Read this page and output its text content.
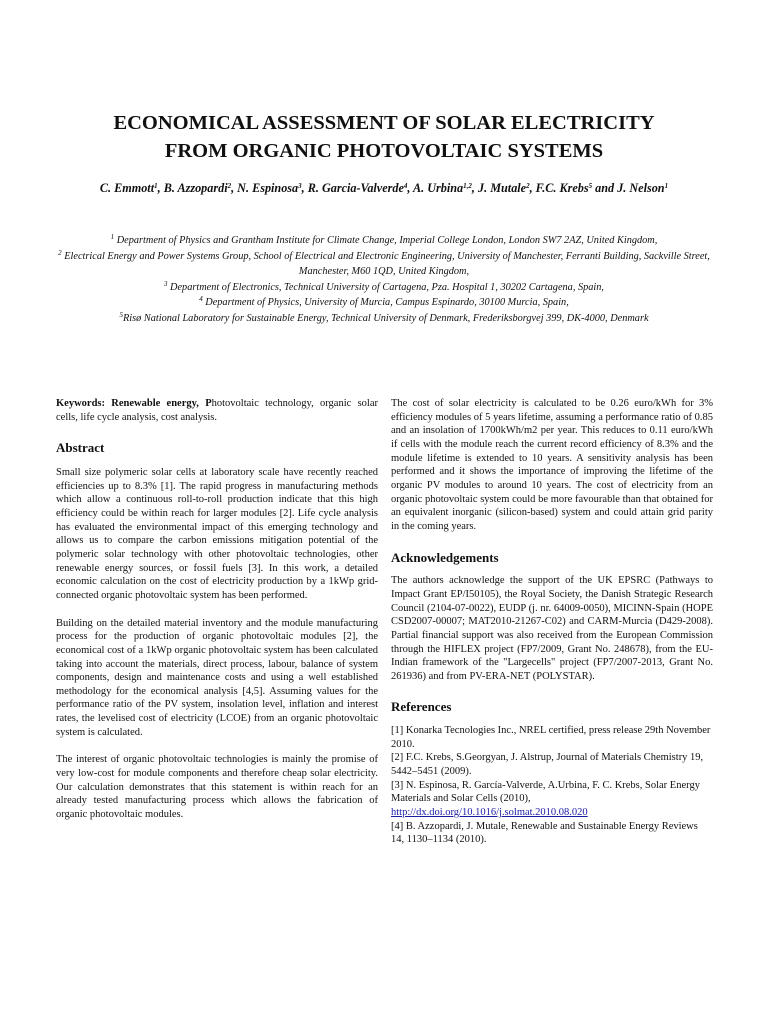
ECONOMICAL ASSESSMENT OF SOLAR ELECTRICITY
FROM ORGANIC PHOTOVOLTAIC SYSTEMS
C. Emmott$^1$, B. Azzopardi$^2$, N. Espinosa$^3$, R. Garcia-Valverde$^4$, A. Urbina$^{1,2}$, J. Mutale$^2$, F.C. Krebs$^5$ and J. Nelson$^1$
$^1$ Department of Physics and Grantham Institute for Climate Change, Imperial College London, London SW7 2AZ, United Kingdom,
$^2$ Electrical Energy and Power Systems Group, School of Electrical and Electronic Engineering, University of Manchester, Ferranti Building, Sackville Street, Manchester, M60 1QD, United Kingdom,
$^3$ Department of Electronics, Technical University of Cartagena, Pza. Hospital 1, 30202 Cartagena, Spain,
$^4$ Department of Physics, University of Murcia, Campus Espinardo, 30100 Murcia, Spain,
$^5$Risø National Laboratory for Sustainable Energy, Technical University of Denmark, Frederiksborgvej 399, DK-4000, Denmark

Keywords: Renewable energy, Photovoltaic technology, organic solar cells, life cycle analysis, cost analysis.

Abstract

Small size polymeric solar cells at laboratory scale have recently reached efficiencies up to 8.3% [1]. The rapid progress in manufacturing methods which allow a continuous roll-to-roll production indicate that this high efficiency could be within reach for larger modules [2]. Life cycle analysis has evaluated the environmental impact of this emerging technology and allows us to compare the carbon emissions mitigation potential of the polymeric solar technology with other photovoltaic technologies, other renewable energy sources, or fossil fuels [3]. In this work, a detailed economic calculation on the cost of electricity production by a 1kWp grid-connected organic photovoltaic system has been performed.

Building on the detailed material inventory and the module manufacturing process for the production of organic photovoltaic modules [2], the economical cost of a 1kWp organic photovoltaic system has been calculated taking into account the materials, direct process, labour, balance of system components, design and maintenance costs and using a well established methodology for the economical analysis [4,5]. Assuming values for the performance ratio of the PV system, insolation level, inflation and interest rates, the levelised cost of electricity (LCOE) from an organic photovoltaic system is calculated.

The interest of organic photovoltaic technologies is mainly the promise of very low-cost for module components and therefore cheap solar electricity. Our calculation demonstrates that this statement is within reach for an already tested manufacturing process which allows the fabrication of organic photovoltaic modules.

The cost of solar electricity is calculated to be 0.26 euro/kWh for 3% efficiency modules of 5 years lifetime, assuming a performance ratio of 0.85 and an insolation of 1700kWh/m2 per year. This reduces to 0.11 euro/kWh if cells with the module reach the current record efficiency of 8.3% and the module lifetime is extended to 10 years. A sensitivity analysis has been performed and it shows the importance of improving the lifetime of the organic PV modules to around 10 years. The cost of electricity from an organic photovoltaic system could be more favourable than that obtained for an equivalent inorganic (silicon-based) system and could attain grid parity in the coming years.

Acknowledgements

The authors acknowledge the support of the UK EPSRC (Pathways to Impact Grant EP/I50105), the Royal Society, the Danish Strategic Research Council (2104-07-0022), EUDP (j. nr. 64009-0050), MICINN-Spain (HOPE CSD2007-00007; MAT2010-21267-C02) and CARM-Murcia (D429-2008). Partial financial support was also received from the European Commission through the HIFLEX project (FP7/2009, Grant No. 248678), from the EU-Indian framework of the "Largecells" project (FP7/2007-2013, Grant No. 261936) and from PV-ERA-NET (POLYSTAR).

References

[1] Konarka Tecnologies Inc., NREL certified, press release 29th November 2010.

[2] F.C. Krebs, S.Georgyan, J. Alstrup, Journal of Materials Chemistry 19, 5442–5451 (2009).

[3] N. Espinosa, R. García-Valverde, A.Urbina, F. C. Krebs, Solar Energy Materials and Solar Cells (2010), http://dx.doi.org/10.1016/j.solmat.2010.08.020

[4] B. Azzopardi, J. Mutale, Renewable and Sustainable Energy Reviews 14, 1130–1134 (2010).
